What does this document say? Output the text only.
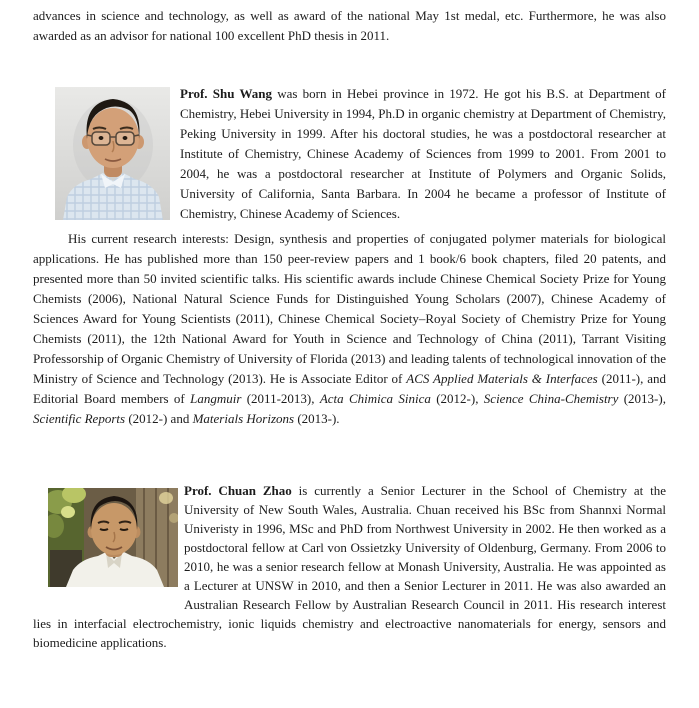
advances in science and technology, as well as award of the national May 1st medal, etc. Furthermore, he was also awarded as an advisor for national 100 excellent PhD thesis in 2011.

Prof. Shu Wang was born in Hebei province in 1972. He got his B.S. at Department of Chemistry, Hebei University in 1994, Ph.D in organic chemistry at Department of Chemistry, Peking University in 1999. After his doctoral studies, he was a postdoctoral researcher at Institute of Chemistry, Chinese Academy of Sciences from 1999 to 2001. From 2001 to 2004, he was a postdoctoral researcher at Institute of Polymers and Organic Solids, University of California, Santa Barbara. In 2004 he became a professor of Institute of Chemistry, Chinese Academy of Sciences.

His current research interests: Design, synthesis and properties of conjugated polymer materials for biological applications. He has published more than 150 peer-review papers and 1 book/6 book chapters, filed 20 patents, and presented more than 50 invited scientific talks. His scientific awards include Chinese Chemical Society Prize for Young Chemists (2006), National Natural Science Funds for Distinguished Young Scholars (2007), Chinese Academy of Sciences Award for Young Scientists (2011), Chinese Chemical Society–Royal Society of Chemistry Prize for Young Chemists (2011), the 12th National Award for Youth in Science and Technology of China (2011), Tarrant Visiting Professorship of Organic Chemistry of University of Florida (2013) and leading talents of technological innovation of the Ministry of Science and Technology (2013). He is Associate Editor of ACS Applied Materials & Interfaces (2011-), and Editorial Board members of Langmuir (2011-2013), Acta Chimica Sinica (2012-), Science China-Chemistry (2013-), Scientific Reports (2012-) and Materials Horizons (2013-).

Prof. Chuan Zhao is currently a Senior Lecturer in the School of Chemistry at the University of New South Wales, Australia. Chuan received his BSc from Shannxi Normal Univeristy in 1996, MSc and PhD from Northwest University in 2002. He then worked as a postdoctoral fellow at Carl von Ossietzky University of Oldenburg, Germany. From 2006 to 2010, he was a senior research fellow at Monash University, Australia. He was appointed as a Lecturer at UNSW in 2010, and then a Senior Lecturer in 2011. He was also awarded an Australian Research Fellow by Australian Research Council in 2011. His research interest lies in interfacial electrochemistry, ionic liquids chemistry and electroactive nanomaterials for energy, sensors and biomedicine applications.
